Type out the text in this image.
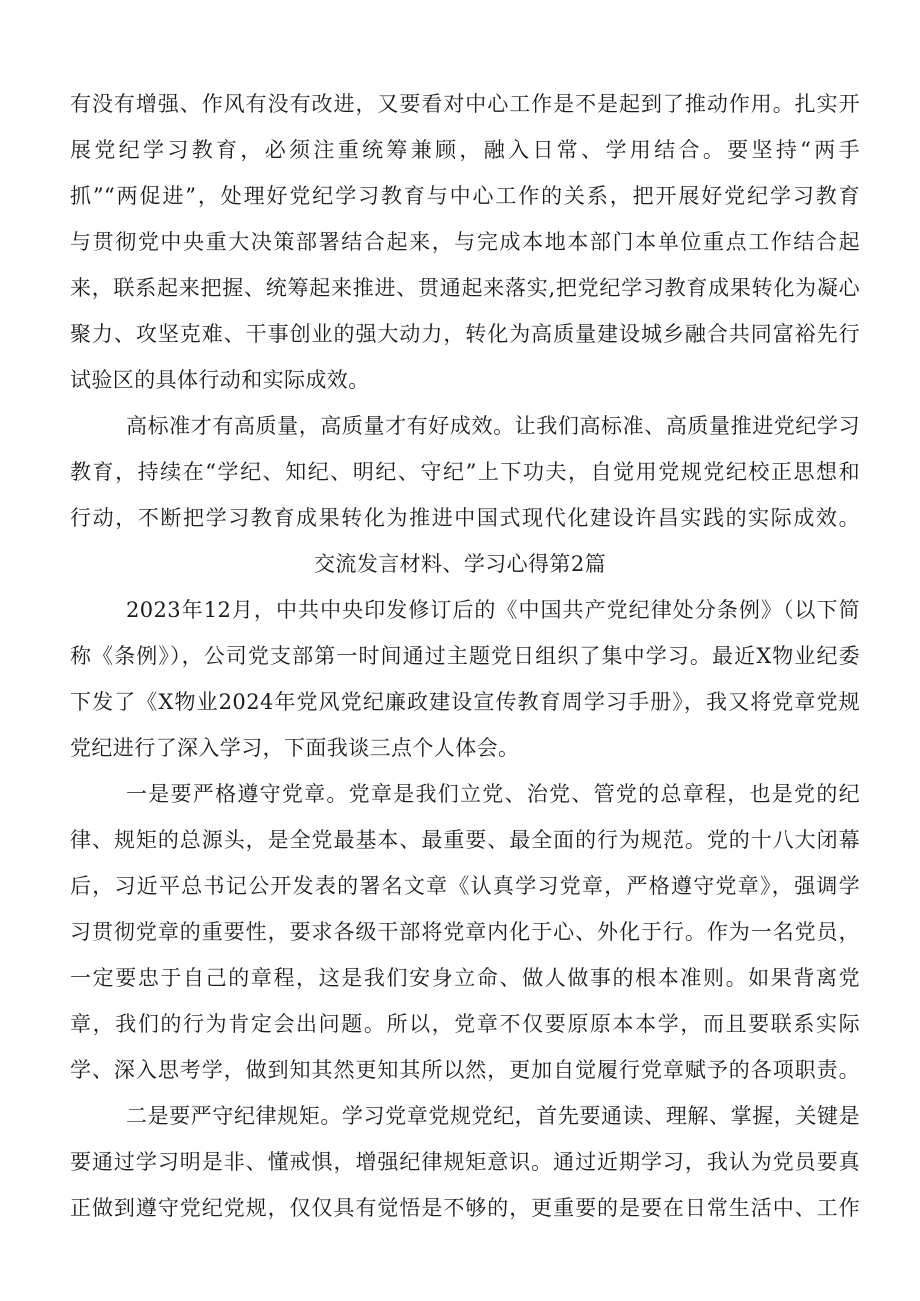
有没有增强、作风有没有改进，又要看对中心工作是不是起到了推动作用。扎实开
展党纪学习教育，必须注重统筹兼顾，融入日常、学用结合。要坚持“两手
抓”“两促进”，处理好党纪学习教育与中心工作的关系，把开展好党纪学习教育
与贯彻党中央重大决策部署结合起来，与完成本地本部门本单位重点工作结合起
来，联系起来把握、统筹起来推进、贯通起来落实,把党纪学习教育成果转化为凝心
聚力、攻坚克难、干事创业的强大动力，转化为高质量建设城乡融合共同富裕先行
试验区的具体行动和实际成效。
高标准才有高质量，高质量才有好成效。让我们高标准、高质量推进党纪学习
教育，持续在“学纪、知纪、明纪、守纪”上下功夫，自觉用党规党纪校正思想和
行动，不断把学习教育成果转化为推进中国式现代化建设许昌实践的实际成效。
交流发言材料、学习心得第2篇
2023年12月，中共中央印发修订后的《中国共产党纪律处分条例》（以下简
称《条例》），公司党支部第一时间通过主题党日组织了集中学习。最近X物业纪委
下发了《X物业2024年党风党纪廉政建设宣传教育周学习手册》，我又将党章党规
党纪进行了深入学习，下面我谈三点个人体会。
一是要严格遵守党章。党章是我们立党、治党、管党的总章程，也是党的纪
律、规矩的总源头，是全党最基本、最重要、最全面的行为规范。党的十八大闭幕
后，习近平总书记公开发表的署名文章《认真学习党章，严格遵守党章》，强调学
习贯彻党章的重要性，要求各级干部将党章内化于心、外化于行。作为一名党员，
一定要忠于自己的章程，这是我们安身立命、做人做事的根本准则。如果背离党
章，我们的行为肯定会出问题。所以，党章不仅要原原本本学，而且要联系实际
学、深入思考学，做到知其然更知其所以然，更加自觉履行党章赋予的各项职责。
二是要严守纪律规矩。学习党章党规党纪，首先要通读、理解、掌握，关键是
要通过学习明是非、懂戒惧，增强纪律规矩意识。通过近期学习，我认为党员要真
正做到遵守党纪党规，仅仅具有觉悟是不够的，更重要的是要在日常生活中、工作
